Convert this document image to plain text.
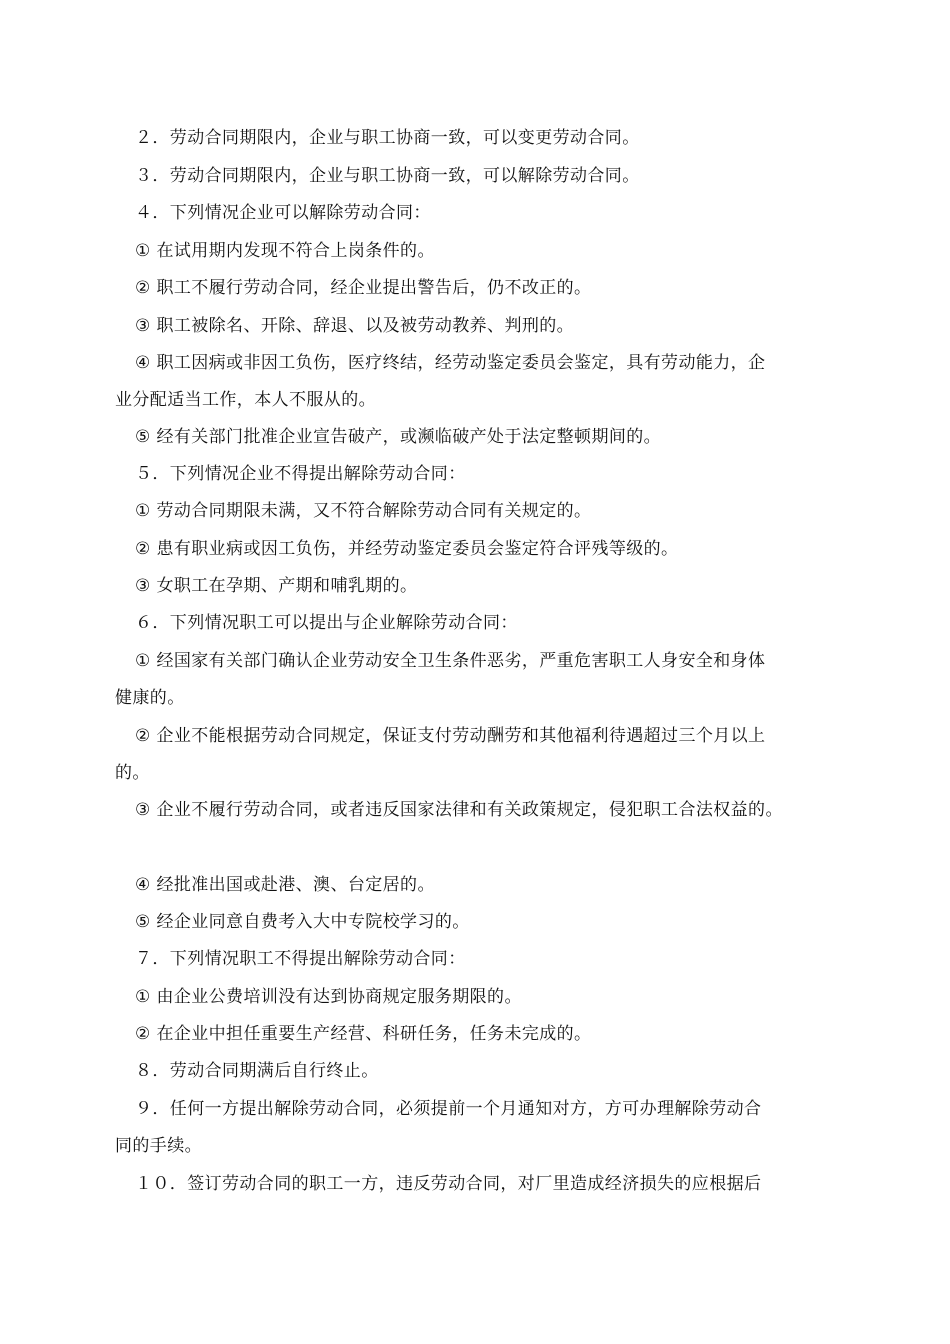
２．劳动合同期限内，企业与职工协商一致，可以变更劳动合同。
３．劳动合同期限内，企业与职工协商一致，可以解除劳动合同。
４．下列情况企业可以解除劳动合同：
① 在试用期内发现不符合上岗条件的。
② 职工不履行劳动合同，经企业提出警告后，仍不改正的。
③ 职工被除名、开除、辞退、以及被劳动教养、判刑的。
④ 职工因病或非因工负伤，医疗终结，经劳动鉴定委员会鉴定，具有劳动能力，企
业分配适当工作，本人不服从的。
⑤ 经有关部门批准企业宣告破产，或濒临破产处于法定整顿期间的。
５．下列情况企业不得提出解除劳动合同：
① 劳动合同期限未满，又不符合解除劳动合同有关规定的。
② 患有职业病或因工负伤，并经劳动鉴定委员会鉴定符合评残等级的。
③ 女职工在孕期、产期和哺乳期的。
６．下列情况职工可以提出与企业解除劳动合同：
① 经国家有关部门确认企业劳动安全卫生条件恶劣，严重危害职工人身安全和身体
健康的。
② 企业不能根据劳动合同规定，保证支付劳动酬劳和其他福利待遇超过三个月以上
的。
③ 企业不履行劳动合同，或者违反国家法律和有关政策规定，侵犯职工合法权益的。
④ 经批准出国或赴港、澳、台定居的。
⑤ 经企业同意自费考入大中专院校学习的。
７．下列情况职工不得提出解除劳动合同：
① 由企业公费培训没有达到协商规定服务期限的。
② 在企业中担任重要生产经营、科研任务，任务未完成的。
８．劳动合同期满后自行终止。
９．任何一方提出解除劳动合同，必须提前一个月通知对方，方可办理解除劳动合
同的手续。
１０．签订劳动合同的职工一方，违反劳动合同，对厂里造成经济损失的应根据后
